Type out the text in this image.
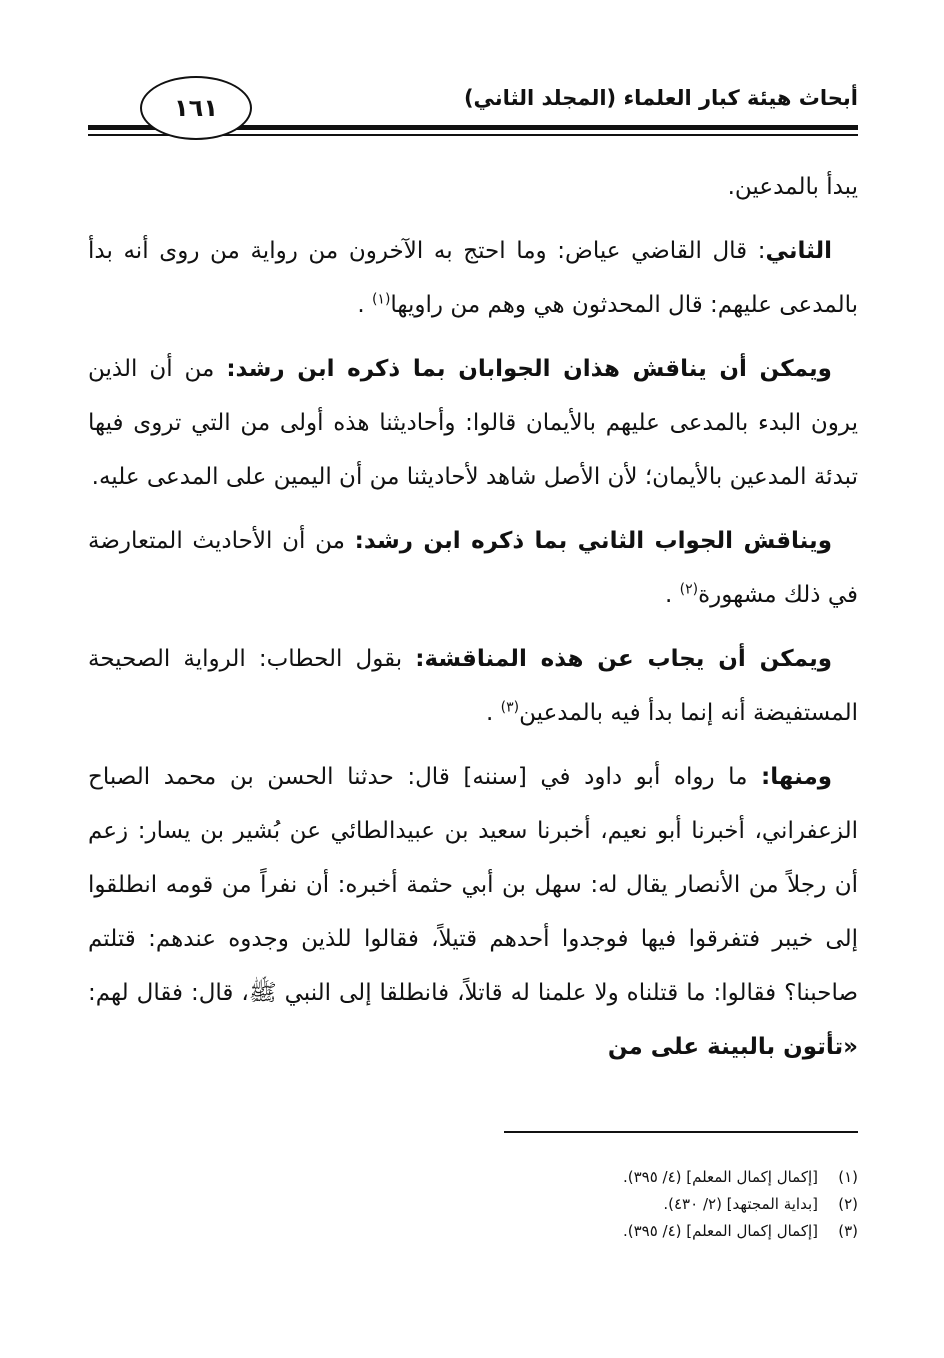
أبحاث هيئة كبار العلماء (المجلد الثاني)
١٦١

يبدأ بالمدعين.

الثاني: قال القاضي عياض: وما احتج به الآخرون من رواية من روى أنه بدأ بالمدعى عليهم: قال المحدثون هي وهم من راويها$^{(١)}$ .

ويمكن أن يناقش هذان الجوابان بما ذكره ابن رشد: من أن الذين يرون البدء بالمدعى عليهم بالأيمان قالوا: وأحاديثنا هذه أولى من التي تروى فيها تبدئة المدعين بالأيمان؛ لأن الأصل شاهد لأحاديثنا من أن اليمين على المدعى عليه.

ويناقش الجواب الثاني بما ذكره ابن رشد: من أن الأحاديث المتعارضة في ذلك مشهورة$^{(٢)}$ .

ويمكن أن يجاب عن هذه المناقشة: بقول الحطاب: الرواية الصحيحة المستفيضة أنه إنما بدأ فيه بالمدعين$^{(٣)}$ .

ومنها: ما رواه أبو داود في [سننه] قال: حدثنا الحسن بن محمد الصباح الزعفراني، أخبرنا أبو نعيم، أخبرنا سعيد بن عبيدالطائي عن بُشير بن يسار: زعم أن رجلاً من الأنصار يقال له: سهل بن أبي حثمة أخبره: أن نفراً من قومه انطلقوا إلى خيبر فتفرقوا فيها فوجدوا أحدهم قتيلاً، فقالوا للذين وجدوه عندهم: قتلتم صاحبنا؟ فقالوا: ما قتلناه ولا علمنا له قاتلاً، فانطلقا إلى النبي ﷺ، قال: فقال لهم: «تأتون بالبينة على من

(١)[إكمال إكمال المعلم] (٤/ ٣٩٥).

(٢)[بداية المجتهد] (٢/ ٤٣٠).

(٣)[إكمال إكمال المعلم] (٤/ ٣٩٥).
